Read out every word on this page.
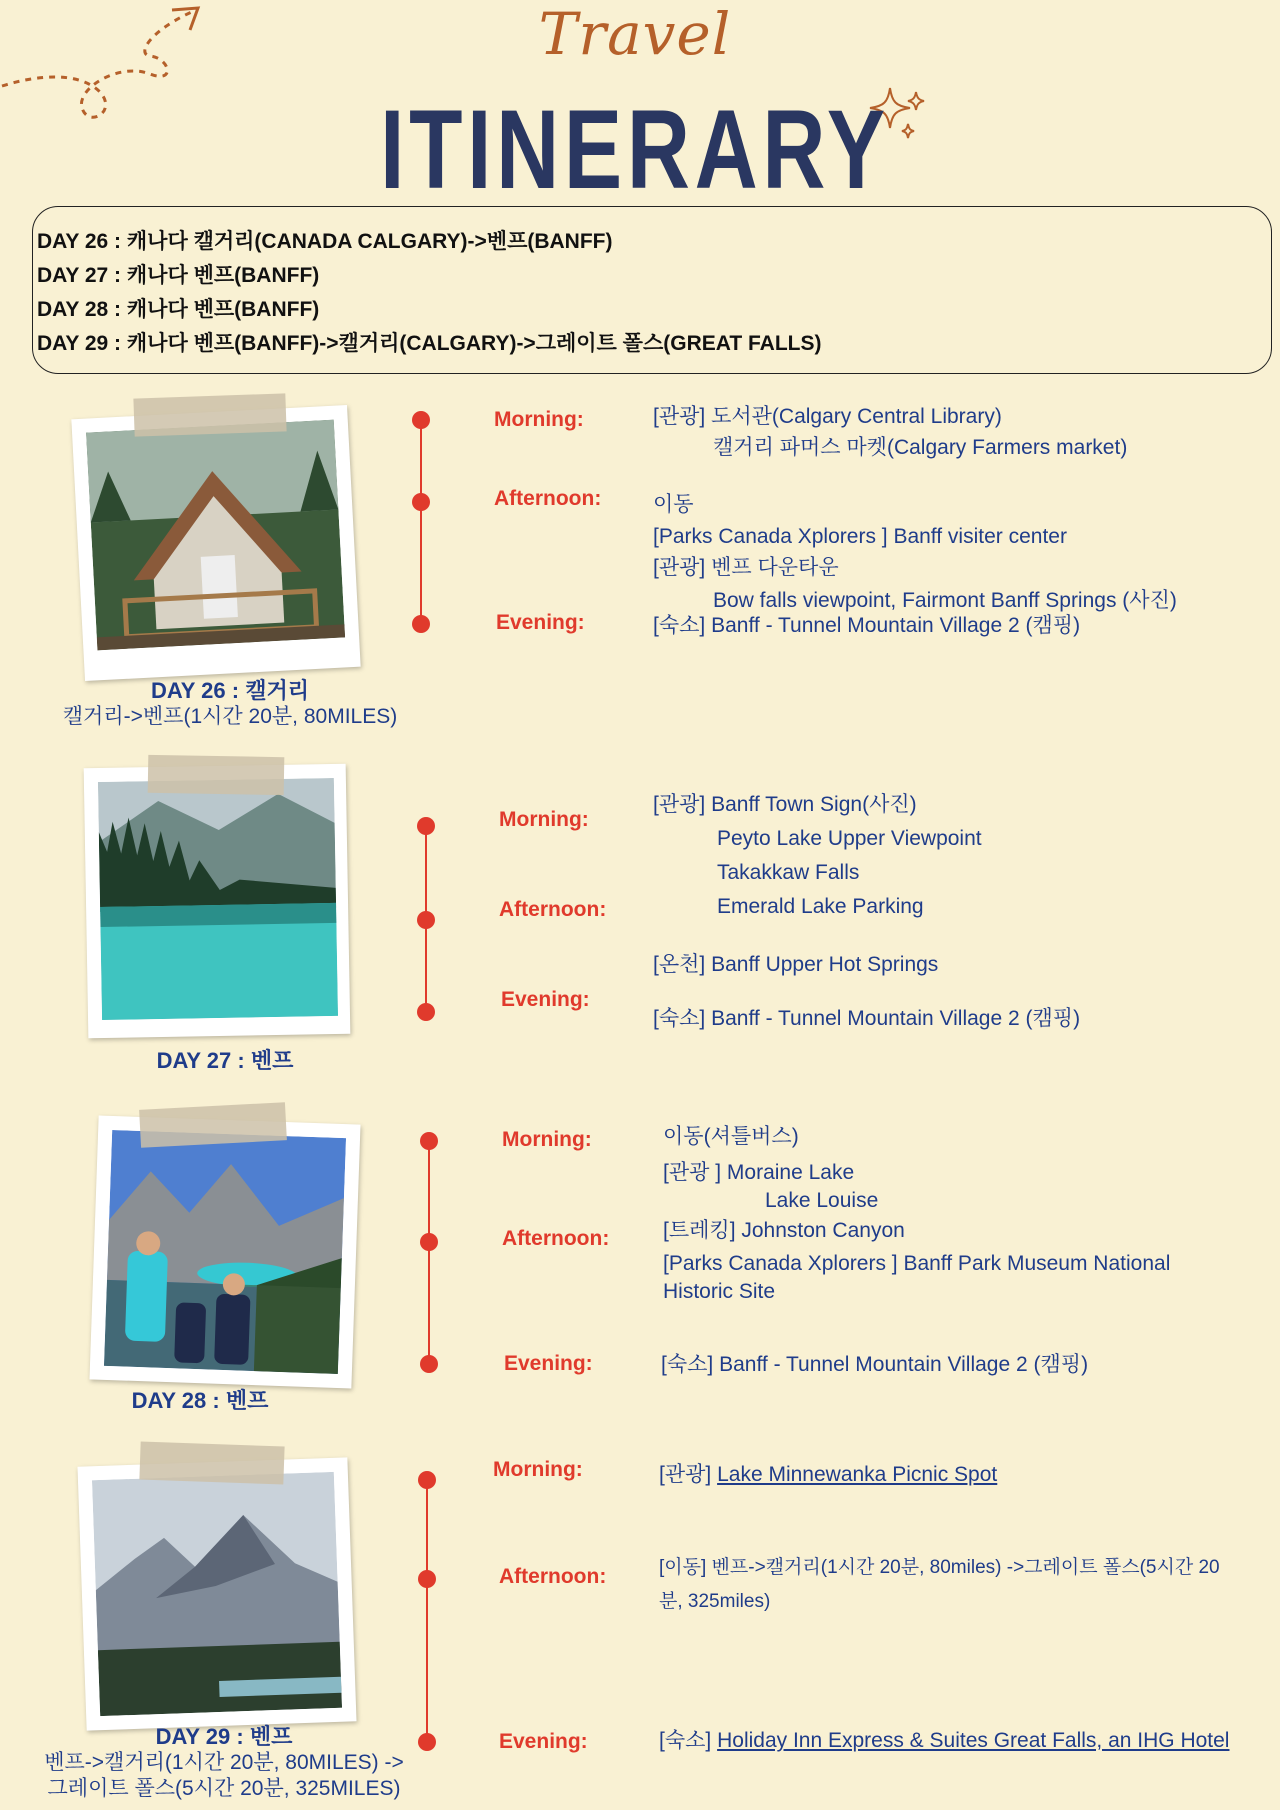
Travel
ITINERARY
DAY 26 : 캐나다 캘거리(CANADA CALGARY)->벤프(BANFF)
DAY 27 : 캐나다 벤프(BANFF)
DAY 28 : 캐나다 벤프(BANFF)
DAY 29 : 캐나다 벤프(BANFF)->캘거리(CALGARY)->그레이트 폴스(GREAT FALLS)
DAY 26 : 캘거리
캘거리->벤프(1시간 20분, 80MILES)
Morning:
Afternoon:
Evening:
[관광] 도서관(Calgary Central Library)
캘거리 파머스 마켓(Calgary Farmers market)
이동
[Parks Canada Xplorers ] Banff visiter center
[관광] 벤프 다운타운
Bow falls viewpoint, Fairmont Banff Springs (사진)
[숙소] Banff - Tunnel Mountain Village 2 (캠핑)
DAY 27 : 벤프
Morning:
Afternoon:
Evening:
[관광] Banff Town Sign(사진)
Peyto Lake Upper Viewpoint
Takakkaw Falls
Emerald Lake Parking
[온천] Banff Upper Hot Springs
[숙소] Banff - Tunnel Mountain Village 2 (캠핑)
DAY 28 : 벤프
Morning:
Afternoon:
Evening:
이동(셔틀버스)
[관광 ] Moraine Lake
Lake Louise
[트레킹] Johnston Canyon
[Parks Canada Xplorers ] Banff Park Museum National
Historic Site
[숙소] Banff - Tunnel Mountain Village 2 (캠핑)
DAY 29 : 벤프
벤프->캘거리(1시간 20분, 80MILES) ->
그레이트 폴스(5시간 20분, 325MILES)
Morning:
Afternoon:
Evening:
[관광] Lake Minnewanka Picnic Spot
[이동] 벤프->캘거리(1시간 20분, 80miles) ->그레이트 폴스(5시간 20
분, 325miles)
[숙소] Holiday Inn Express & Suites Great Falls, an IHG Hotel
